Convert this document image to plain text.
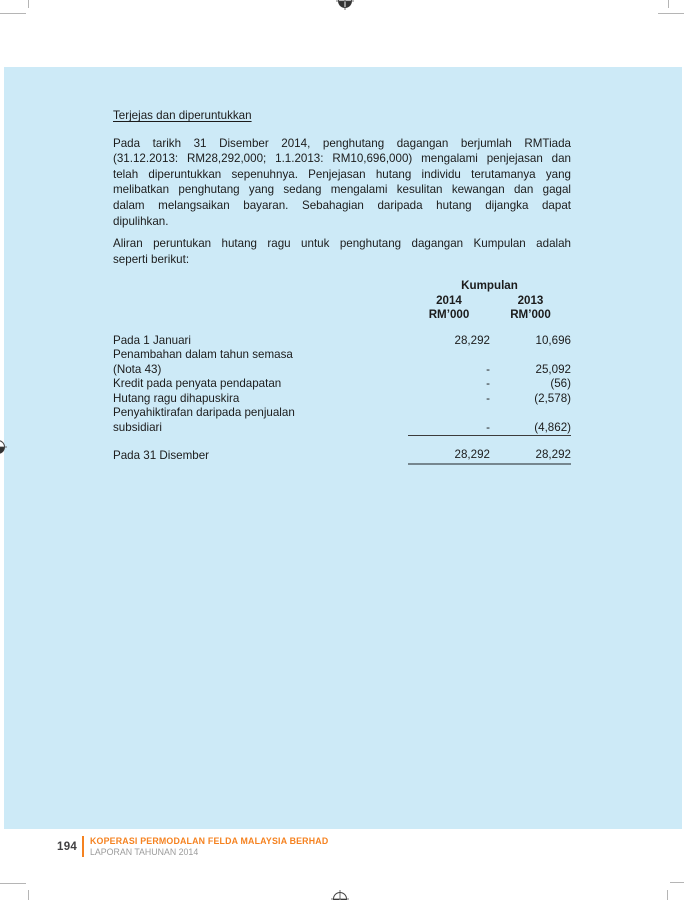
Terjejas dan diperuntukkan
Pada tarikh 31 Disember 2014, penghutang dagangan berjumlah RMTiada
(31.12.2013: RM28,292,000; 1.1.2013: RM10,696,000) mengalami penjejasan dan
telah diperuntukkan sepenuhnya. Penjejasan hutang individu terutamanya yang
melibatkan penghutang yang sedang mengalami kesulitan kewangan dan gagal
dalam melangsaikan bayaran. Sebahagian daripada hutang dijangka dapat
dipulihkan.
Aliran peruntukan hutang ragu untuk penghutang dagangan Kumpulan adalah
seperti berikut:
	Kumpulan	
	2014	2013
	RM’000	RM’000

Pada 1 Januari	28,292	10,696
Penambahan dalam tahun semasa		
(Nota 43)	-	25,092
Kredit pada penyata pendapatan	-	(56)
Hutang ragu dihapuskira	-	(2,578)
Penyahiktirafan daripada penjualan		
subsidiari	-	(4,862)

Pada 31 Disember	28,292	28,292
194	KOPERASI PERMODALAN FELDA MALAYSIA BERHAD
LAPORAN TAHUNAN 2014
